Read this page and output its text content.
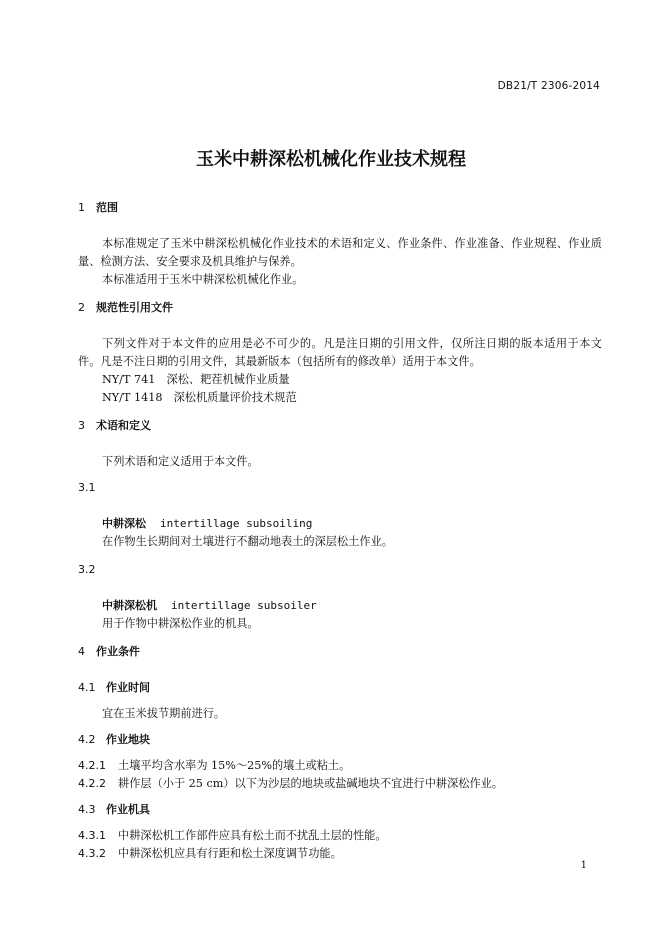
DB21/T 2306-2014
玉米中耕深松机械化作业技术规程
1 范围
本标准规定了玉米中耕深松机械化作业技术的术语和定义、作业条件、作业准备、作业规程、作业质量、检测方法、安全要求及机具维护与保养。
本标准适用于玉米中耕深松机械化作业。
2 规范性引用文件
下列文件对于本文件的应用是必不可少的。凡是注日期的引用文件，仅所注日期的版本适用于本文件。凡是不注日期的引用文件，其最新版本（包括所有的修改单）适用于本文件。
NY/T 741　深松、耙茬机械作业质量
NY/T 1418　深松机质量评价技术规范
3 术语和定义
下列术语和定义适用于本文件。
3.1
中耕深松 intertillage subsoiling
在作物生长期间对土壤进行不翻动地表土的深层松土作业。
3.2
中耕深松机 intertillage subsoiler
用于作物中耕深松作业的机具。
4 作业条件
4.1 作业时间
宜在玉米拔节期前进行。
4.2 作业地块
4.2.1	土壤平均含水率为 15%～25%的壤土或粘土。
4.2.2	耕作层（小于 25 cm）以下为沙层的地块或盐碱地块不宜进行中耕深松作业。
4.3 作业机具
4.3.1	中耕深松机工作部件应具有松土而不扰乱土层的性能。
4.3.2	中耕深松机应具有行距和松土深度调节功能。
1
